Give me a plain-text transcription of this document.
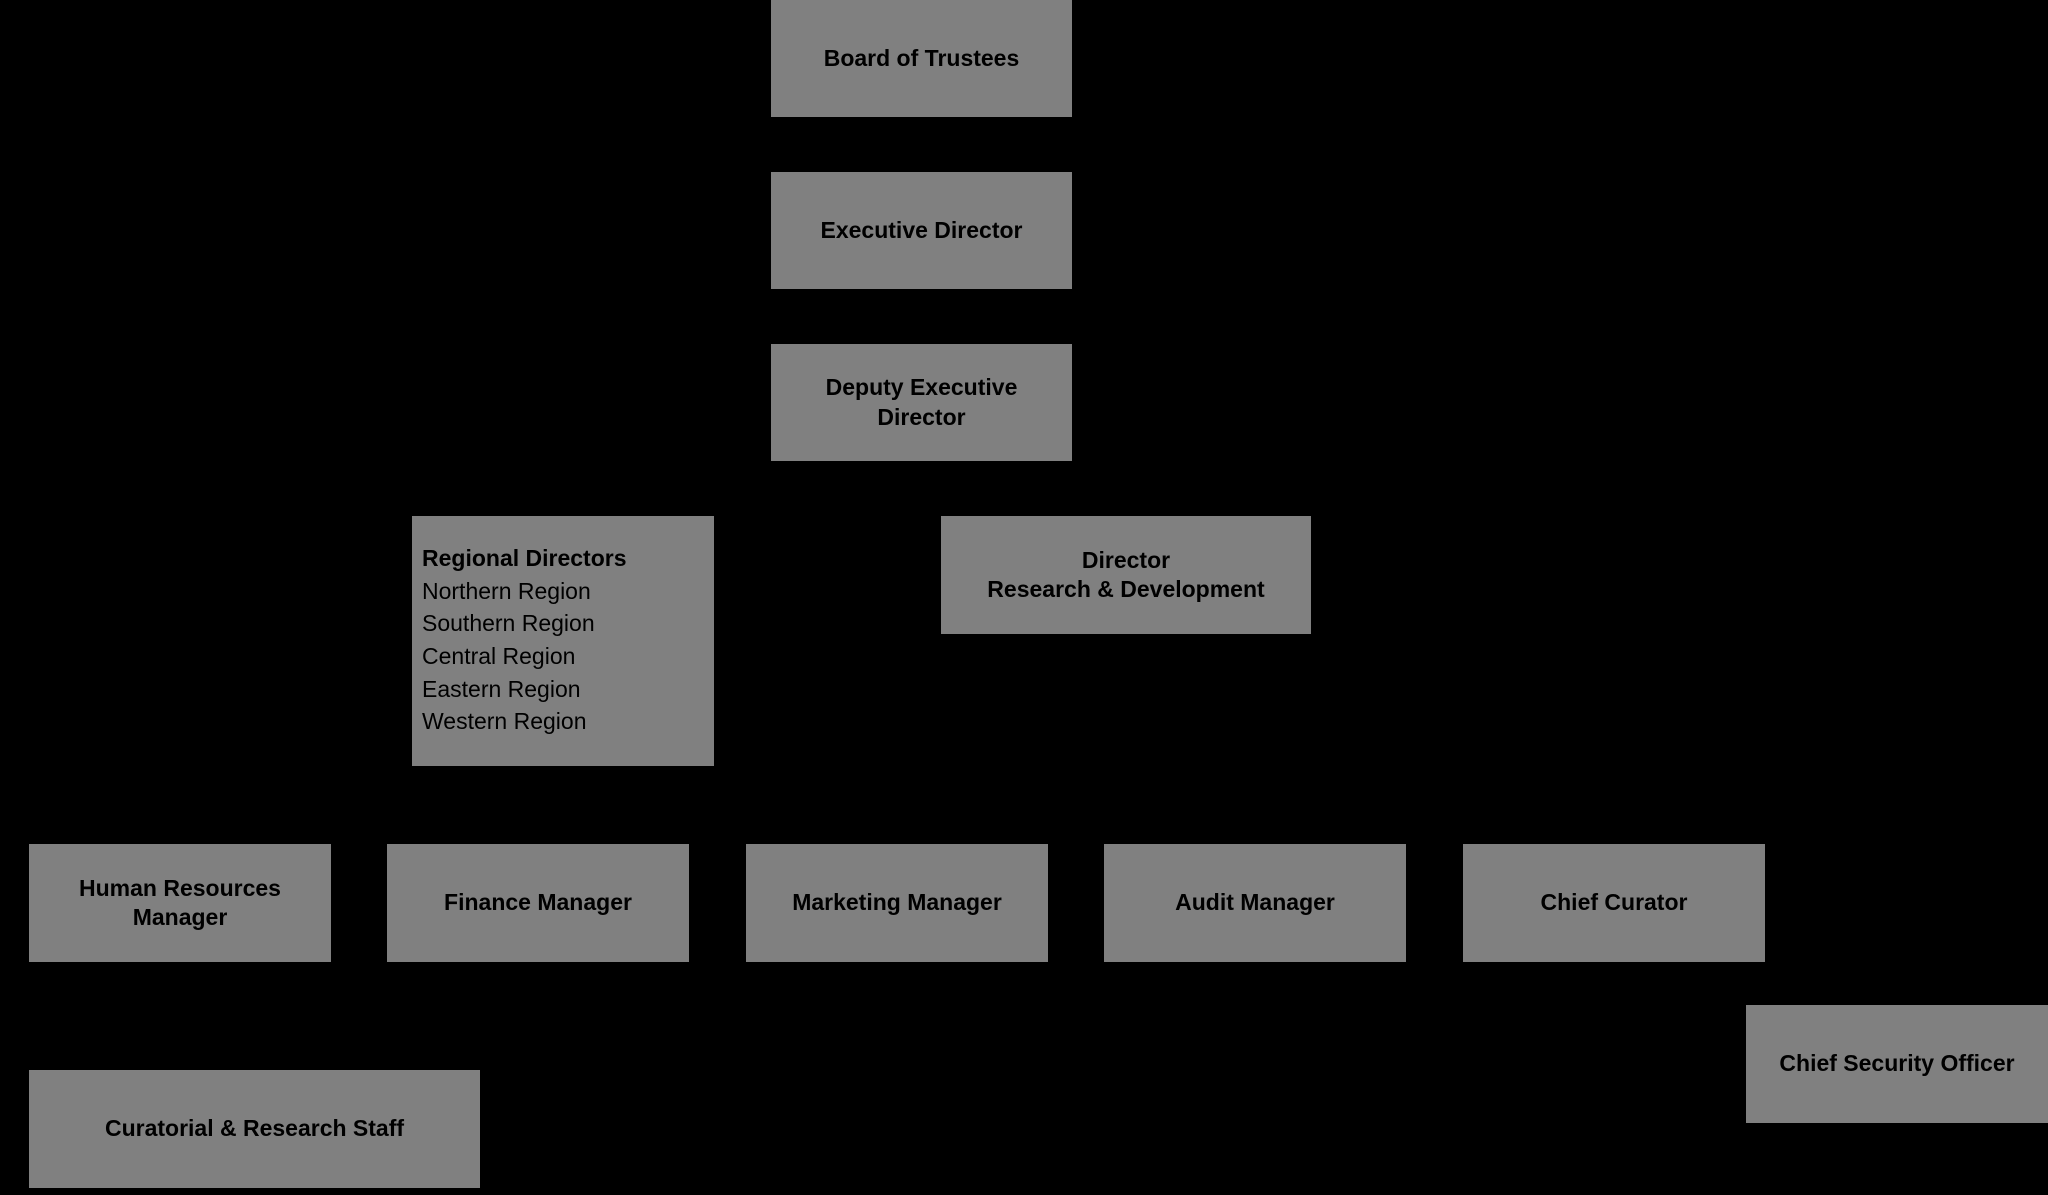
Board of Trustees
Executive Director
Deputy Executive
Director
Regional Directors
Northern Region
Southern Region
Central Region
Eastern Region
Western Region
Director
Research & Development
Human Resources
Manager
Finance Manager	Marketing Manager	Audit Manager	Chief Curator
Chief Security Officer
Curatorial & Research Staff
